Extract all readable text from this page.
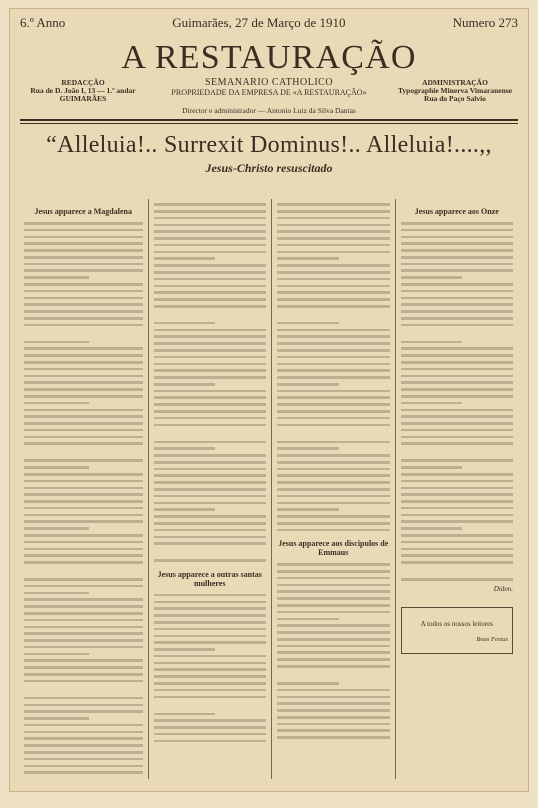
6.º Anno	Guimarães, 27 de Março de 1910	Numero 273
A RESTAURAÇÃO
REDACÇÃO
Rua de D. João I, 13 — 1.º andar
GUIMARÃES
SEMANARIO CATHOLICO
PROPRIEDADE DA EMPRESA DE «A RESTAURAÇÃO»
ADMINISTRAÇÃO
Typographie Minerva Vimaranense
Rua do Paço Salvio
Director e administrador — Antonio Luiz da Silva Dantas
“Alleluia!.. Surrexit Dominus!.. Alleluia!....,,
Jesus-Christo resuscitado
Jesus apparece a Magdalena
Jesus apparece a outras santas mulheres
Jesus apparece aos discipulos de Emmaus
Jesus apparece aos Onze
Dídon.
A todos os nossos leitores
Boas Festas
